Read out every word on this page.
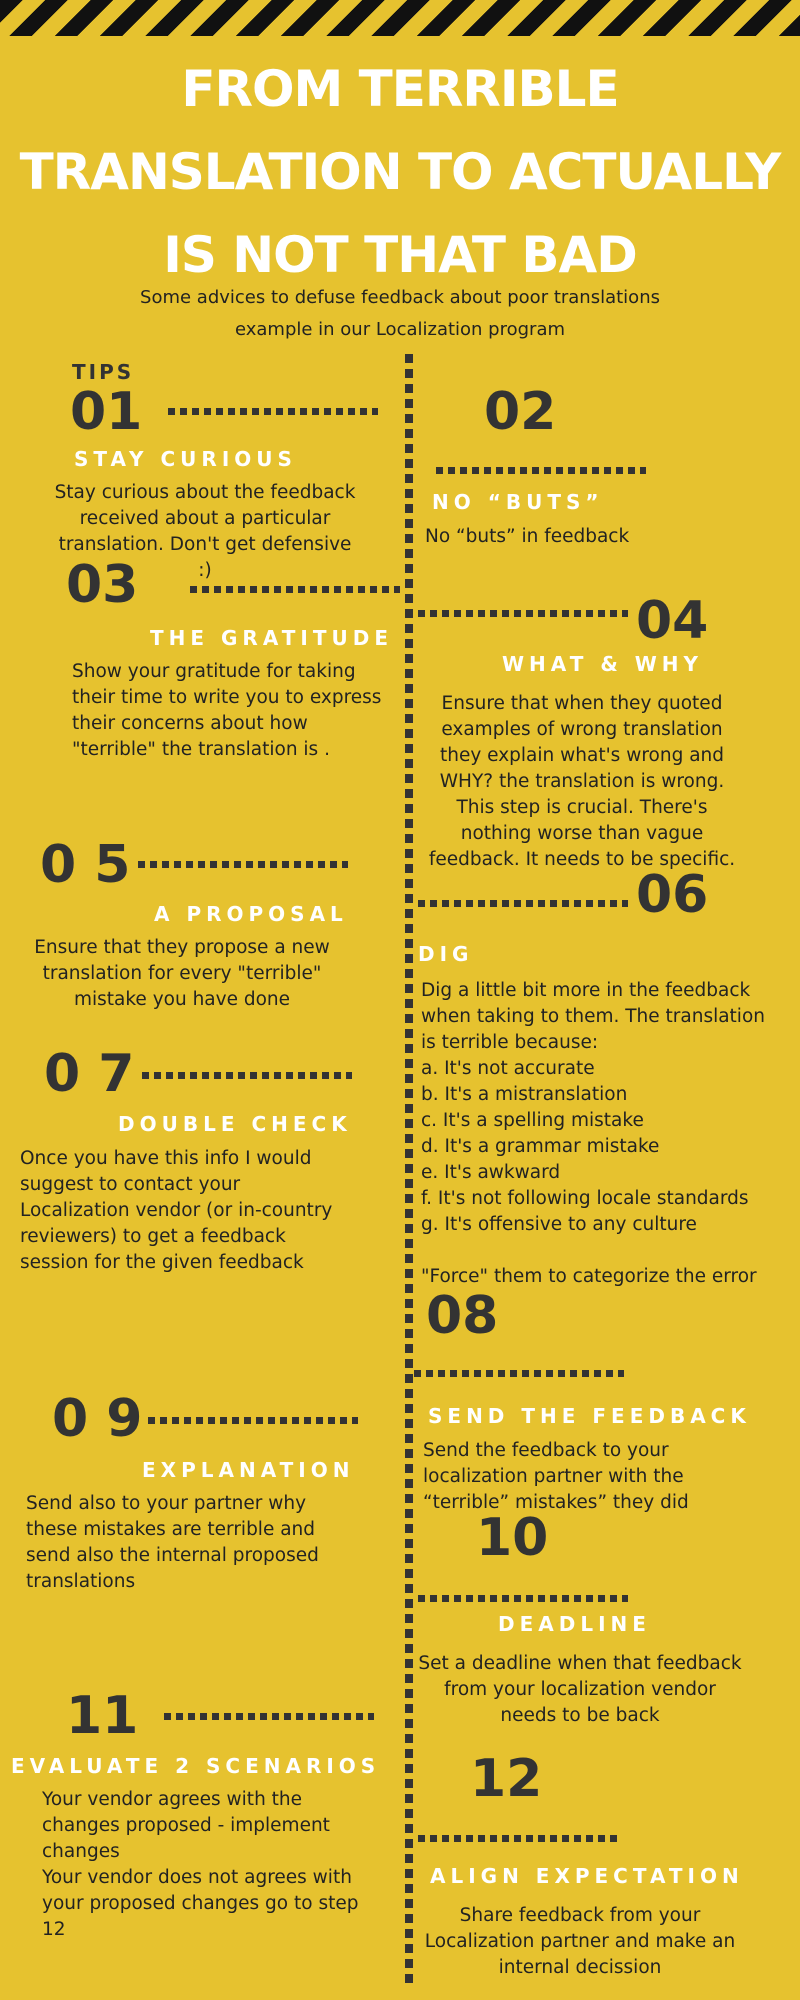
FROM TERRIBLE
TRANSLATION TO ACTUALLY
IS NOT THAT BAD
Some advices to defuse feedback about poor translations
example in our Localization program
TIPS
01
STAY CURIOUS
Stay curious about the feedback received about a particular translation. Don't get defensive :)
02
NO “BUTS”
No “buts” in feedback
03
THE GRATITUDE
Show your gratitude for taking their time to write you to express their concerns about how "terrible" the translation is .
04
WHAT & WHY
Ensure that when they quoted examples of wrong translation they explain what's wrong and WHY? the translation is wrong. This step is crucial. There's nothing worse than vague feedback. It needs to be specific.
0 5
A PROPOSAL
Ensure that they propose a new translation for every "terrible" mistake you have done
06
DIG
Dig a little bit more in the feedback when taking to them. The translation is terrible because:
a. It's not accurate
b. It's a mistranslation
c. It's a spelling mistake
d. It's a grammar mistake
e. It's awkward
f. It's not following locale standards
g. It's offensive to any culture

"Force" them to categorize the error
0 7
DOUBLE CHECK
Once you have this info I would suggest to contact your Localization vendor (or in-country reviewers) to get a feedback session for the given feedback
08
SEND THE FEEDBACK
Send the feedback to your localization partner with the “terrible” mistakes” they did
0 9
EXPLANATION
Send also to your partner why these mistakes are terrible and send also the internal proposed translations
10
DEADLINE
Set a deadline when that feedback from your localization vendor needs to be back
11
EVALUATE 2 SCENARIOS
Your vendor agrees with the changes proposed - implement changes
Your vendor does not agrees with your proposed changes go to step 12
12
ALIGN EXPECTATION
Share feedback from your Localization partner and make an internal decission
